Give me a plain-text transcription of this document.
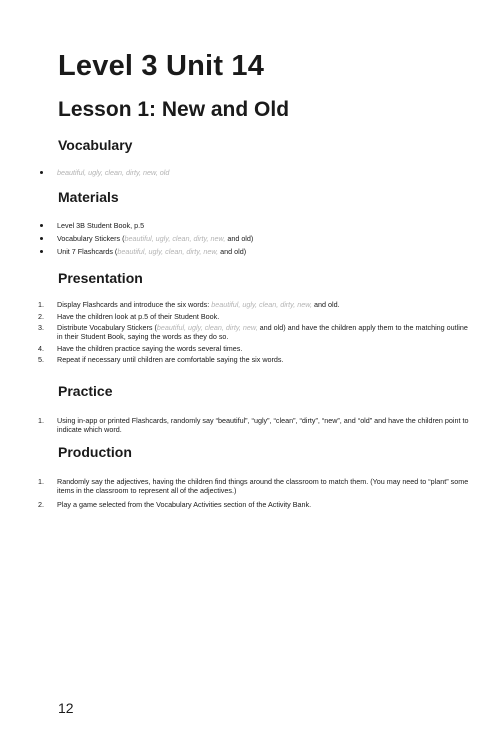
Level 3 Unit 14
Lesson 1: New and Old
Vocabulary
beautiful, ugly, clean, dirty, new, old
Materials
Level 3B Student Book, p.5
Vocabulary Stickers (beautiful, ugly, clean, dirty, new, and old)
Unit 7 Flashcards (beautiful, ugly, clean, dirty, new, and old)
Presentation
1. Display Flashcards and introduce the six words: beautiful, ugly, clean, dirty, new, and old.
2. Have the children look at p.5 of their Student Book.
3. Distribute Vocabulary Stickers (beautiful, ugly, clean, dirty, new, and old) and have the children apply them to the matching outline in their Student Book, saying the words as they do so.
4. Have the children practice saying the words several times.
5. Repeat if necessary until children are comfortable saying the six words.
Practice
1. Using in-app or printed Flashcards, randomly say “beautiful”, “ugly”, “clean”, “dirty”, “new”, and “old” and have the children point to indicate which word.
Production
1. Randomly say the adjectives, having the children find things around the classroom to match them. (You may need to “plant” some items in the classroom to represent all of the adjectives.)
2. Play a game selected from the Vocabulary Activities section of the Activity Bank.
12
